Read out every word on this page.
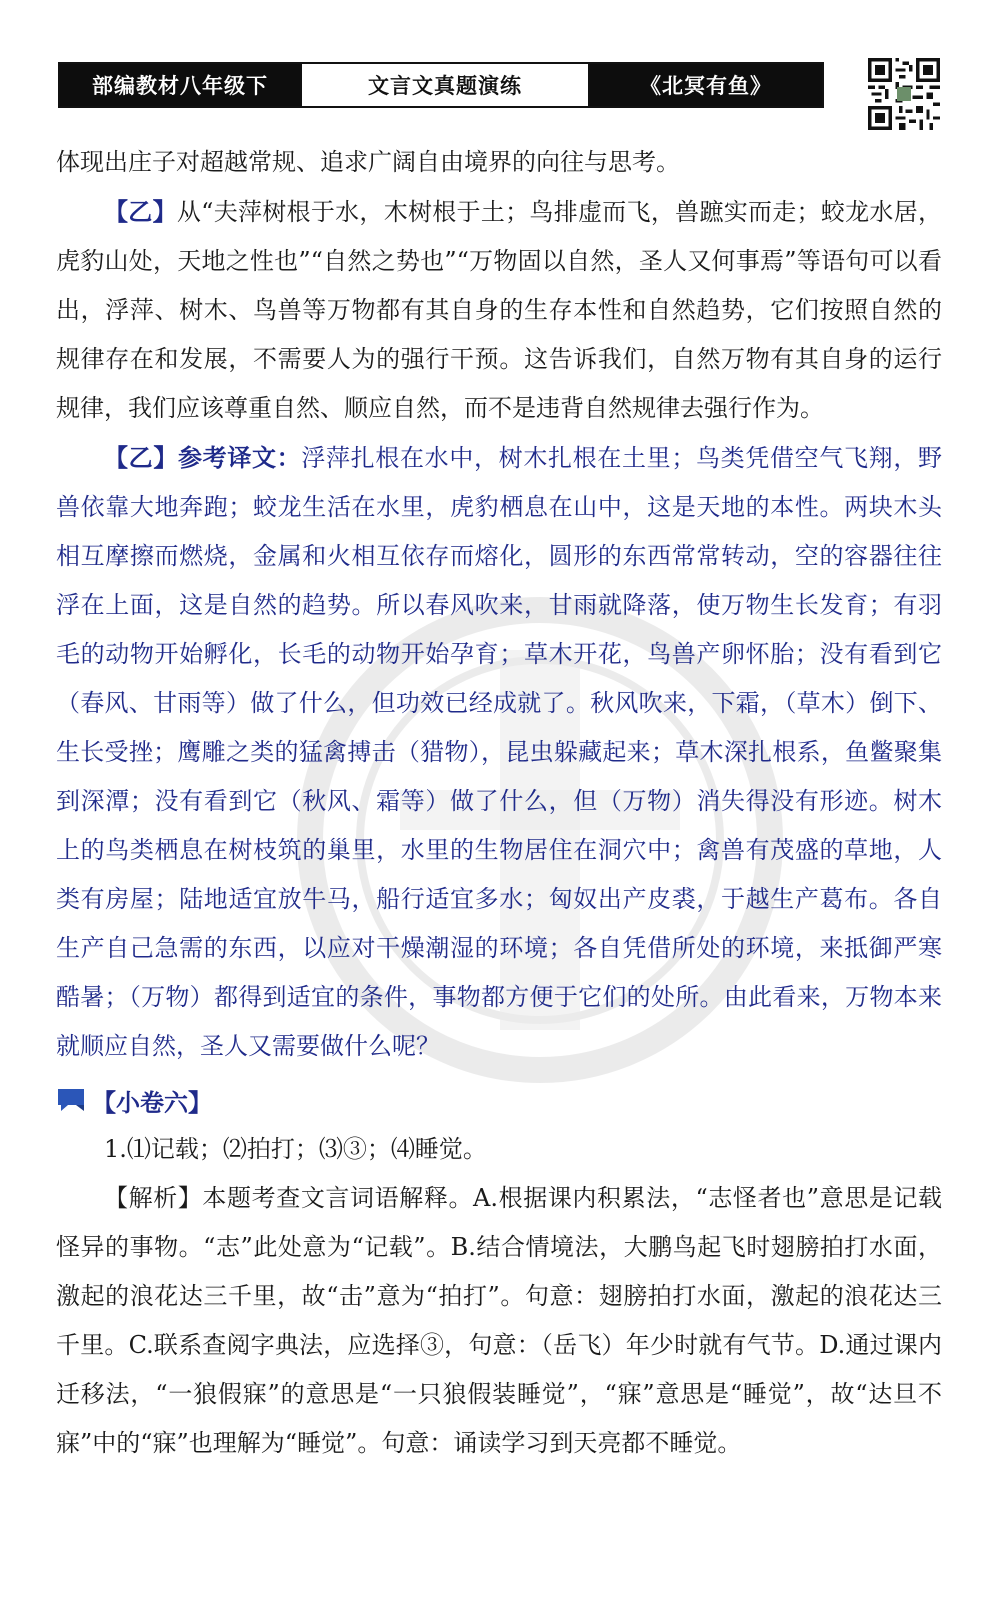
部编教材八年级下	文言文真题演练	《北冥有鱼》

体现出庄子对超越常规、追求广阔自由境界的向往与思考。

【乙】从“夫萍树根于水，木树根于土；鸟排虚而飞，兽蹠实而走；蛟龙水居，虎豹山处，天地之性也”“自然之势也”“万物固以自然，圣人又何事焉”等语句可以看出，浮萍、树木、鸟兽等万物都有其自身的生存本性和自然趋势，它们按照自然的规律存在和发展，不需要人为的强行干预。这告诉我们，自然万物有其自身的运行规律，我们应该尊重自然、顺应自然，而不是违背自然规律去强行作为。

【乙】参考译文：浮萍扎根在水中，树木扎根在土里；鸟类凭借空气飞翔，野兽依靠大地奔跑；蛟龙生活在水里，虎豹栖息在山中，这是天地的本性。两块木头相互摩擦而燃烧，金属和火相互依存而熔化，圆形的东西常常转动，空的容器往往浮在上面，这是自然的趋势。所以春风吹来，甘雨就降落，使万物生长发育；有羽毛的动物开始孵化，长毛的动物开始孕育；草木开花，鸟兽产卵怀胎；没有看到它（春风、甘雨等）做了什么，但功效已经成就了。秋风吹来，下霜，（草木）倒下、生长受挫；鹰雕之类的猛禽搏击（猎物），昆虫躲藏起来；草木深扎根系，鱼鳖聚集到深潭；没有看到它（秋风、霜等）做了什么，但（万物）消失得没有形迹。树木上的鸟类栖息在树枝筑的巢里，水里的生物居住在洞穴中；禽兽有茂盛的草地，人类有房屋；陆地适宜放牛马，船行适宜多水；匈奴出产皮裘，于越生产葛布。各自生产自己急需的东西，以应对干燥潮湿的环境；各自凭借所处的环境，来抵御严寒酷暑；（万物）都得到适宜的条件，事物都方便于它们的处所。由此看来，万物本来就顺应自然，圣人又需要做什么呢？

【小卷六】

1.⑴记载；⑵拍打；⑶③；⑷睡觉。

【解析】本题考查文言词语解释。A.根据课内积累法，“志怪者也”意思是记载怪异的事物。“志”此处意为“记载”。B.结合情境法，大鹏鸟起飞时翅膀拍打水面，激起的浪花达三千里，故“击”意为“拍打”。句意：翅膀拍打水面，激起的浪花达三千里。C.联系查阅字典法，应选择③，句意：（岳飞）年少时就有气节。D.通过课内迁移法，“一狼假寐”的意思是“一只狼假装睡觉”，“寐”意思是“睡觉”，故“达旦不寐”中的“寐”也理解为“睡觉”。句意：诵读学习到天亮都不睡觉。
